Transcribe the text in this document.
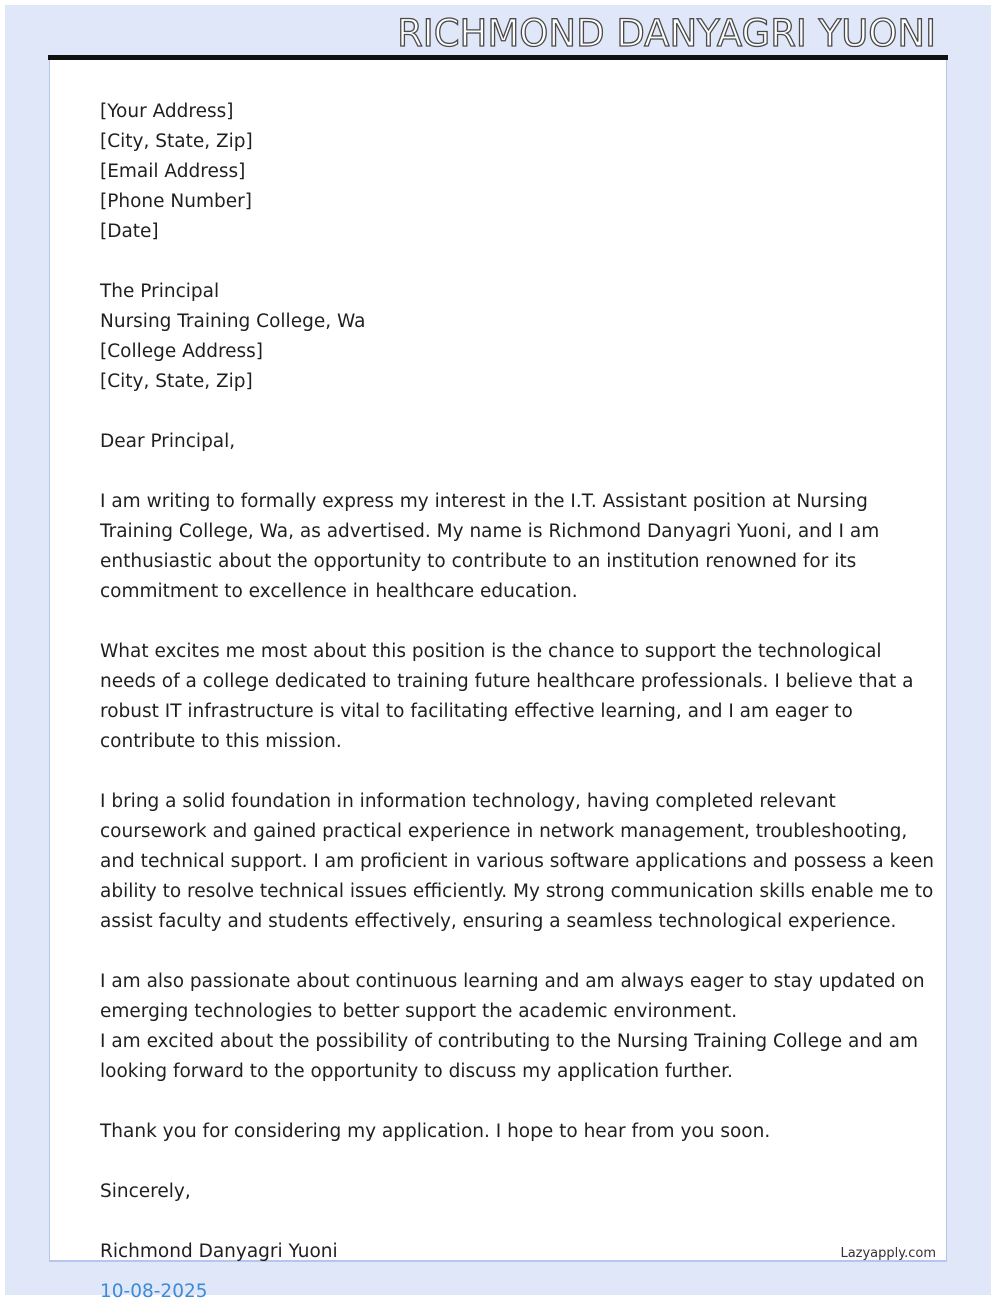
RICHMOND DANYAGRI YUONI
[Your Address]
[City, State, Zip]
[Email Address]
[Phone Number]
[Date]
The Principal
Nursing Training College, Wa
[College Address]
[City, State, Zip]
Dear Principal,
I am writing to formally express my interest in the I.T. Assistant position at Nursing
Training College, Wa, as advertised. My name is Richmond Danyagri Yuoni, and I am
enthusiastic about the opportunity to contribute to an institution renowned for its
commitment to excellence in healthcare education.
What excites me most about this position is the chance to support the technological
needs of a college dedicated to training future healthcare professionals. I believe that a
robust IT infrastructure is vital to facilitating effective learning, and I am eager to
contribute to this mission.
I bring a solid foundation in information technology, having completed relevant
coursework and gained practical experience in network management, troubleshooting,
and technical support. I am proficient in various software applications and possess a keen
ability to resolve technical issues efficiently. My strong communication skills enable me to
assist faculty and students effectively, ensuring a seamless technological experience.
I am also passionate about continuous learning and am always eager to stay updated on
emerging technologies to better support the academic environment.
I am excited about the possibility of contributing to the Nursing Training College and am
looking forward to the opportunity to discuss my application further.
Thank you for considering my application. I hope to hear from you soon.
Sincerely,
Richmond Danyagri Yuoni
10-08-2025
Lazyapply.com
